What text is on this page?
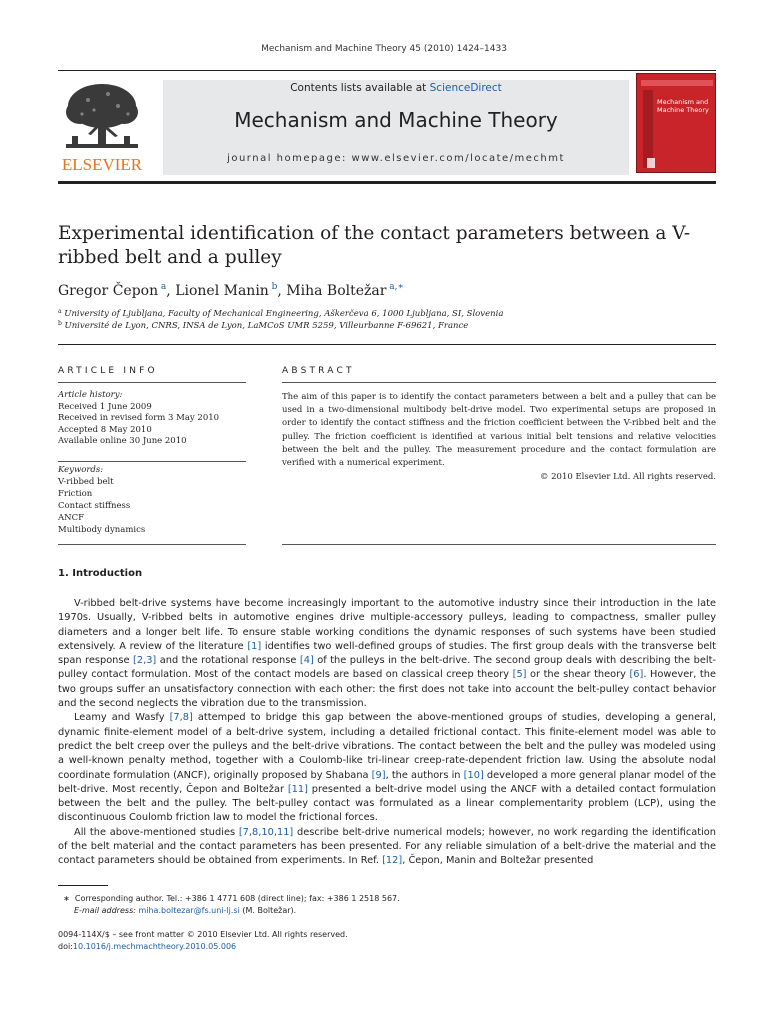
Mechanism and Machine Theory 45 (2010) 1424–1433
ELSEVIER
Contents lists available at ScienceDirect
Mechanism and Machine Theory
journal homepage: www.elsevier.com/locate/mechmt
Mechanism and Machine Theory
Experimental identification of the contact parameters between a V-ribbed belt and a pulley
Gregor Čepon  $^a$, Lionel Manin  $^b$, Miha Boltežar  $^{a,∗}$
$^a$ University of Ljubljana, Faculty of Mechanical Engineering, Aškerčeva 6, 1000 Ljubljana, SI, Slovenia
$^b$ Université de Lyon, CNRS, INSA de Lyon, LaMCoS UMR 5259, Villeurbanne F-69621, France
ARTICLE INFO	ABSTRACT
Article history:
Received 1 June 2009
Received in revised form 3 May 2010
Accepted 8 May 2010
Available online 30 June 2010
Keywords:
V-ribbed belt
Friction
Contact stiffness
ANCF
Multibody dynamics
The aim of this paper is to identify the contact parameters between a belt and a pulley that can be used in a two-dimensional multibody belt-drive model. Two experimental setups are proposed in order to identify the contact stiffness and the friction coefficient between the V-ribbed belt and the pulley. The friction coefficient is identified at various initial belt tensions and relative velocities between the belt and the pulley. The measurement procedure and the contact formulation are verified with a numerical experiment.
© 2010 Elsevier Ltd. All rights reserved.
1. Introduction

V-ribbed belt-drive systems have become increasingly important to the automotive industry since their introduction in the late 1970s. Usually, V-ribbed belts in automotive engines drive multiple-accessory pulleys, leading to compactness, smaller pulley diameters and a longer belt life. To ensure stable working conditions the dynamic responses of such systems have been studied extensively. A review of the literature [1] identifies two well-defined groups of studies. The first group deals with the transverse belt span response [2,3] and the rotational response [4] of the pulleys in the belt-drive. The second group deals with describing the belt-pulley contact formulation. Most of the contact models are based on classical creep theory [5] or the shear theory [6]. However, the two groups suffer an unsatisfactory connection with each other: the first does not take into account the belt-pulley contact behavior and the second neglects the vibration due to the transmission.

Leamy and Wasfy [7,8] attemped to bridge this gap between the above-mentioned groups of studies, developing a general, dynamic finite-element model of a belt-drive system, including a detailed frictional contact. This finite-element model was able to predict the belt creep over the pulleys and the belt-drive vibrations. The contact between the belt and the pulley was modeled using a well-known penalty method, together with a Coulomb-like tri-linear creep-rate-dependent friction law. Using the absolute nodal coordinate formulation (ANCF), originally proposed by Shabana [9], the authors in [10] developed a more general planar model of the belt-drive. Most recently, Čepon and Boltežar [11] presented a belt-drive model using the ANCF with a detailed contact formulation between the belt and the pulley. The belt-pulley contact was formulated as a linear complementarity problem (LCP), using the discontinuous Coulomb friction law to model the frictional forces.

All the above-mentioned studies [7,8,10,11] describe belt-drive numerical models; however, no work regarding the identification of the belt material and the contact parameters has been presented. For any reliable simulation of a belt-drive the material and the contact parameters should be obtained from experiments. In Ref. [12], Čepon, Manin and Boltežar presented

∗ Corresponding author. Tel.: +386 1 4771 608 (direct line); fax: +386 1 2518 567.
E-mail address: miha.boltezar@fs.uni-lj.si (M. Boltežar).
0094-114X/$ – see front matter © 2010 Elsevier Ltd. All rights reserved.
doi:10.1016/j.mechmachtheory.2010.05.006
